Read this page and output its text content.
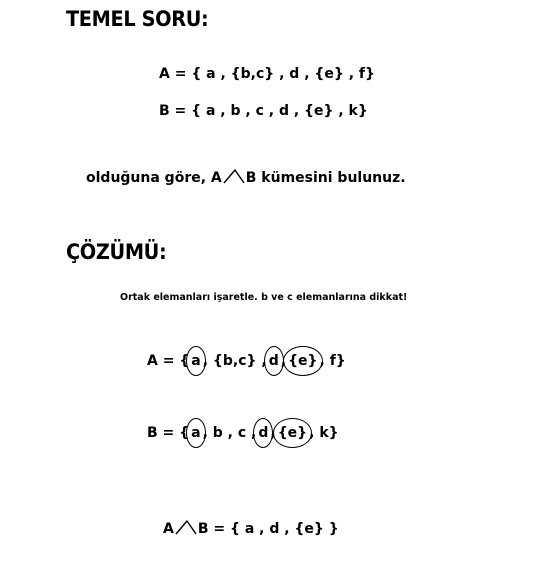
TEMEL SORU:
A = { a , {b,c} , d , {e} , f}
B = { a , b , c , d , {e} , k}
olduğuna göre, A B kümesini bulunuz.
ÇÖZÜMÜ:
Ortak elemanları işaretle. b ve c elemanlarına dikkat!
A = { a , {b,c} , d , {e} , f}
B = { a , b , c , d , {e} , k}
A B = { a , d , {e} }
